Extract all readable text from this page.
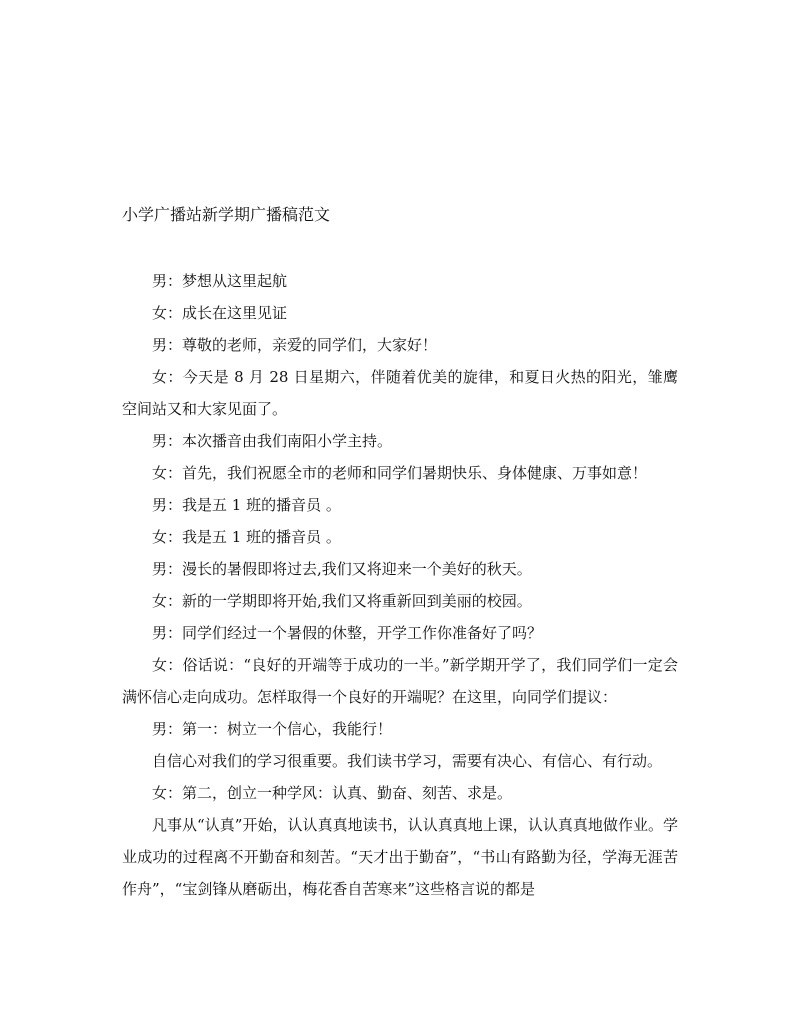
小学广播站新学期广播稿范文

男：梦想从这里起航

女：成长在这里见证

男：尊敬的老师，亲爱的同学们，大家好！

女：今天是 8 月 28 日星期六，伴随着优美的旋律，和夏日火热的阳光，雏鹰空间站又和大家见面了。

男：本次播音由我们南阳小学主持。

女：首先，我们祝愿全市的老师和同学们暑期快乐、身体健康、万事如意！

男：我是五 1 班的播音员 。

女：我是五 1 班的播音员 。

男：漫长的暑假即将过去,我们又将迎来一个美好的秋天。

女：新的一学期即将开始,我们又将重新回到美丽的校园。

男：同学们经过一个暑假的休整，开学工作你准备好了吗？

女：俗话说：“良好的开端等于成功的一半。”新学期开学了，我们同学们一定会满怀信心走向成功。怎样取得一个良好的开端呢？在这里，向同学们提议：

男：第一：树立一个信心，我能行！

自信心对我们的学习很重要。我们读书学习，需要有决心、有信心、有行动。

女：第二，创立一种学风：认真、勤奋、刻苦、求是。

凡事从“认真”开始，认认真真地读书，认认真真地上课，认认真真地做作业。学业成功的过程离不开勤奋和刻苦。“天才出于勤奋”，“书山有路勤为径，学海无涯苦作舟”，“宝剑锋从磨砺出，梅花香自苦寒来”这些格言说的都是
